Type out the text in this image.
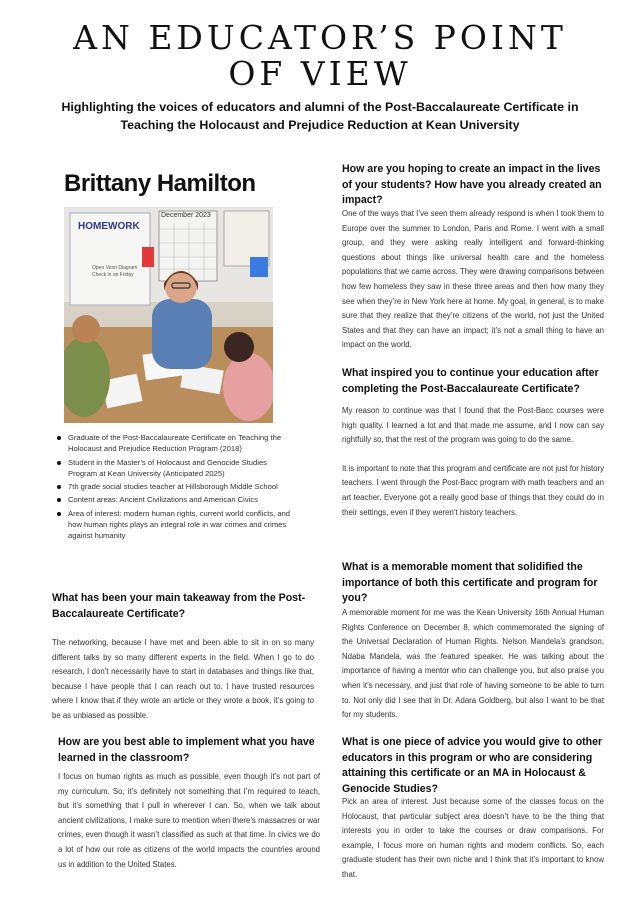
AN EDUCATOR’S POINT
OF VIEW
Highlighting the voices of educators and alumni of the Post-Baccalaureate Certificate in Teaching the Holocaust and Prejudice Reduction at Kean University
Brittany Hamilton
HOMEWORK
December 2023
Open Venn Diagram Check in on Friday
Graduate of the Post-Baccalaureate Certificate on Teaching the Holocaust and Prejudice Reduction Program (2018)
Student in the Master’s of Holocaust and Genocide Studies Program at Kean University (Anticipated 2025)
7th grade social studies teacher at Hillsborough Middle School
Content areas: Ancient Civilizations and American Civics
Area of interest: modern human rights, current world conflicts, and how human rights plays an integral role in war crimes and crimes against humanity
What has been your main takeaway from the Post-Baccalaureate Certificate?

The networking, because I have met and been able to sit in on so many different talks by so many different experts in the field. When I go to do research, I don’t necessarily have to start in databases and things like that, because I have people that I can reach out to. I have trusted resources where I know that if they wrote an article or they wrote a book, it’s going to be as unbiased as possible.

How are you best able to implement what you have learned in the classroom?

I focus on human rights as much as possible, even though it’s not part of my curriculum. So, it’s definitely not something that I’m required to teach, but it’s something that I pull in wherever I can. So, when we talk about ancient civilizations, I make sure to mention when there’s massacres or war crimes, even though it wasn’t classified as such at that time. In civics we do a lot of how our role as citizens of the world impacts the countries around us in addition to the United States.

How are you hoping to create an impact in the lives of your students? How have you already created an impact?

One of the ways that I’ve seen them already respond is when I took them to Europe over the summer to London, Paris and Rome. I went with a small group, and they were asking really intelligent and forward-thinking questions about things like universal health care and the homeless populations that we came across. They were drawing comparisons between how few homeless they saw in these three areas and then how many they see when they’re in New York here at home. My goal, in general, is to make sure that they realize that they’re citizens of the world, not just the United States and that they can have an impact; it’s not a small thing to have an impact on the world.

What inspired you to continue your education after completing the Post-Baccalaureate Certificate?

My reason to continue was that I found that the Post-Bacc courses were high quality. I learned a lot and that made me assume, and I now can say rightfully so, that the rest of the program was going to do the same.

It is important to note that this program and certificate are not just for history teachers. I went through the Post-Bacc program with math teachers and an art teacher. Everyone got a really good base of things that they could do in their settings, even if they weren’t history teachers.

What is a memorable moment that solidified the importance of both this certificate and program for you?

A memorable moment for me was the Kean University 16th Annual Human Rights Conference on December 8, which commemorated the signing of the Universal Declaration of Human Rights. Nelson Mandela’s grandson, Ndaba Mandela, was the featured speaker. He was talking about the importance of having a mentor who can challenge you, but also praise you when it’s necessary, and just that role of having someone to be able to turn to. Not only did I see that in Dr. Adara Goldberg, but also I want to be that for my students.

What is one piece of advice you would give to other educators in this program or who are considering attaining this certificate or an MA in Holocaust & Genocide Studies?

Pick an area of interest. Just because some of the classes focus on the Holocaust, that particular subject area doesn’t have to be the thing that interests you in order to take the courses or draw comparisons. For example, I focus more on human rights and modern conflicts. So, each graduate student has their own niche and I think that it’s important to know that.
